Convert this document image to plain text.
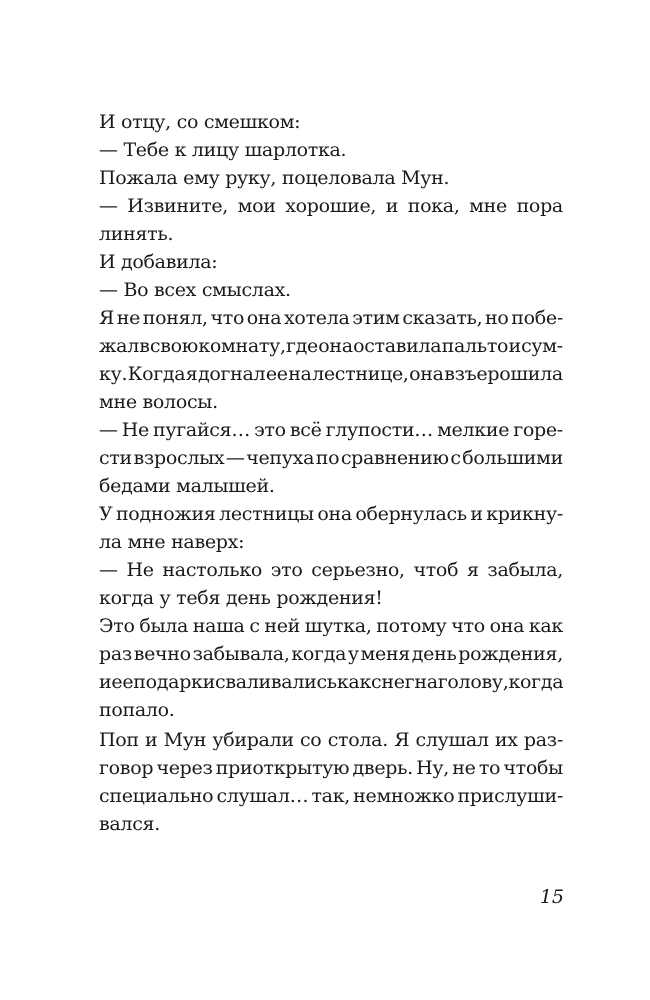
И отцу, со смешком:
— Тебе к лицу шарлотка.
Пожала ему руку, поцеловала Мун.
— Извините, мои хорошие, и пока, мне пора
линять.
И добавила:
— Во всех смыслах.
Я не понял, что она хотела этим сказать, но побе-
жал в свою комнату, где она оставила пальто и сум-
ку. Когда я догнал ее на лестнице, она взъерошила
мне волосы.
— Не пугайся… это всё глупости… мелкие горе-
сти взрослых — чепуха по сравнению с большими
бедами малышей.
У подножия лестницы она обернулась и крикну-
ла мне наверх:
— Не настолько это серьезно, чтоб я забыла,
когда у тебя день рождения!
Это была наша с ней шутка, потому что она как
раз вечно забывала, когда у меня день рождения,
и ее подарки сваливались как снег на голову, когда
попало.
Поп и Мун убирали со стола. Я слушал их раз-
говор через приоткрытую дверь. Ну, не то чтобы
специально слушал… так, немножко прислуши-
вался.
15
